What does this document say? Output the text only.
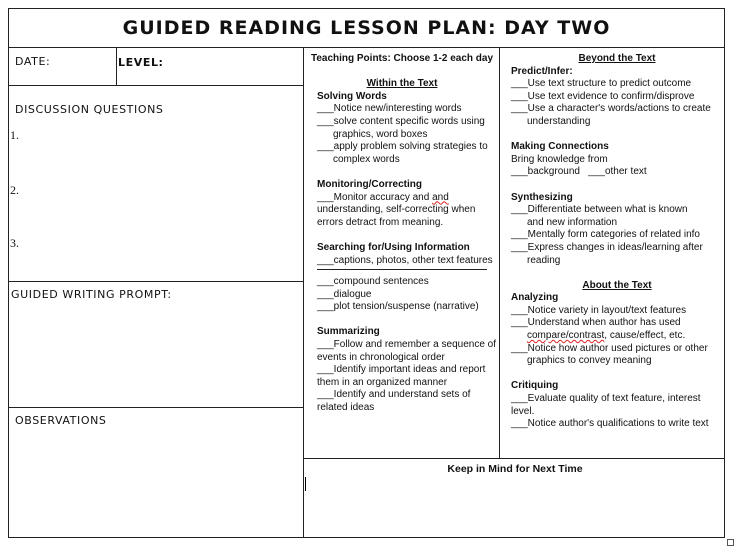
GUIDED READING LESSON PLAN: DAY TWO
DATE:	LEVEL:
DISCUSSION QUESTIONS
1.
2.
3.
GUIDED WRITING PROMPT:
OBSERVATIONS
Teaching Points: Choose 1-2 each day
Within the Text
Solving Words
___Notice new/interesting words
___solve content specific words using
graphics, word boxes
___apply problem solving strategies to
complex words
Monitoring/Correcting
___Monitor accuracy and and
understanding, self-correcting when
errors detract from meaning.
Searching for/Using Information
___captions, photos, other text features
___compound sentences
___dialogue
___plot tension/suspense (narrative)
Summarizing
___Follow and remember a sequence of
events in chronological order
___Identify important ideas and report
them in an organized manner
___Identify and understand sets of
related ideas
Beyond the Text
Predict/Infer:
___Use text structure to predict outcome
___Use text evidence to confirm/disprove
___Use a character's words/actions to create
understanding
Making Connections
Bring knowledge from
___background   ___other text
Synthesizing
___Differentiate between what is known
and new information
___Mentally form categories of related info
___Express changes in ideas/learning after
reading
About the Text
Analyzing
___Notice variety in layout/text features
___Understand when author has used
compare/contrast, cause/effect, etc.
___Notice how author used pictures or other
graphics to convey meaning
Critiquing
___Evaluate quality of text feature, interest level.
___Notice author's qualifications to write text
Keep in Mind for Next Time
